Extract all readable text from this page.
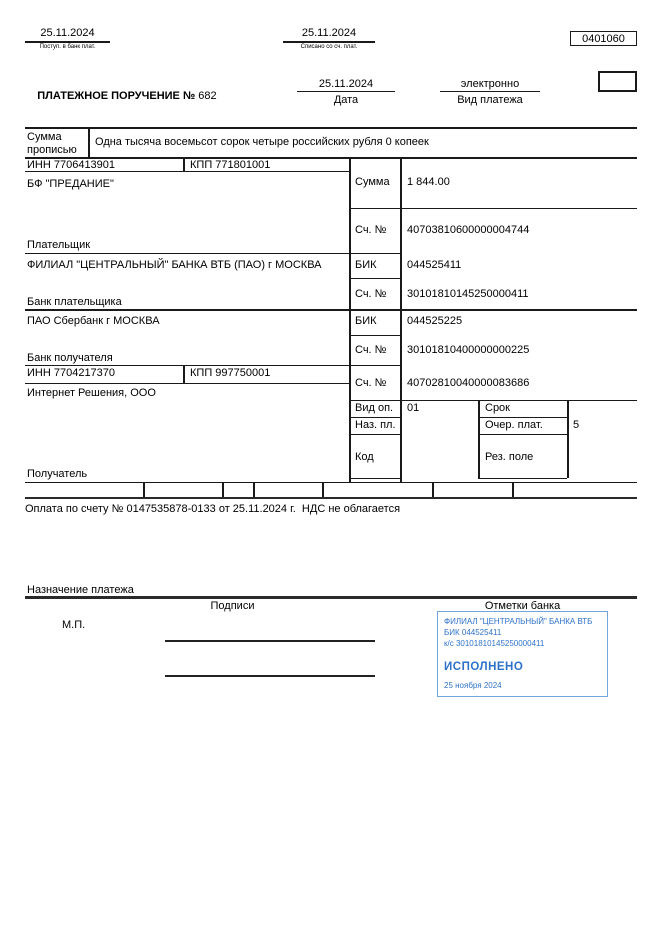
25.11.2024
Поступ. в банк плат.
25.11.2024
Списано со сч. плат.
0401060

ПЛАТЕЖНОЕ ПОРУЧЕНИЕ № 682

25.11.2024
Дата
электронно
Вид платежа
Сумма прописью
Одна тысяча восемьсот сорок четыре российских рубля 0 копеек
ИНН 7706413901	КПП 771801001
БФ "ПРЕДАНИЕ"
Плательщик
Сумма 1 844.00
Сч. № 40703810600000004744
ФИЛИАЛ "ЦЕНТРАЛЬНЫЙ" БАНКА ВТБ (ПАО) г МОСКВА	БИК	044525411
Сч. № 30101810145250000411
Банк плательщика
ПАО Сбербанк г МОСКВА	БИК	044525225
Сч. № 30101810400000000225
Банк получателя
ИНН 7704217370	КПП 997750001
Интернет Решения, ООО
Сч. № 40702810040000083686
Вид оп. 01	Срок
Наз. пл.	Очер. плат.	5
Код	Рез. поле
Получатель
Оплата по счету № 0147535878-0133 от 25.11.2024 г.  НДС не облагается
Назначение платежа
Подписи	Отметки банка
М.П.	ФИЛИАЛ "ЦЕНТРАЛЬНЫЙ" БАНКА ВТБ
БИК 044525411
к/с 30101810145250000411
ИСПОЛНЕНО
25 ноября 2024
